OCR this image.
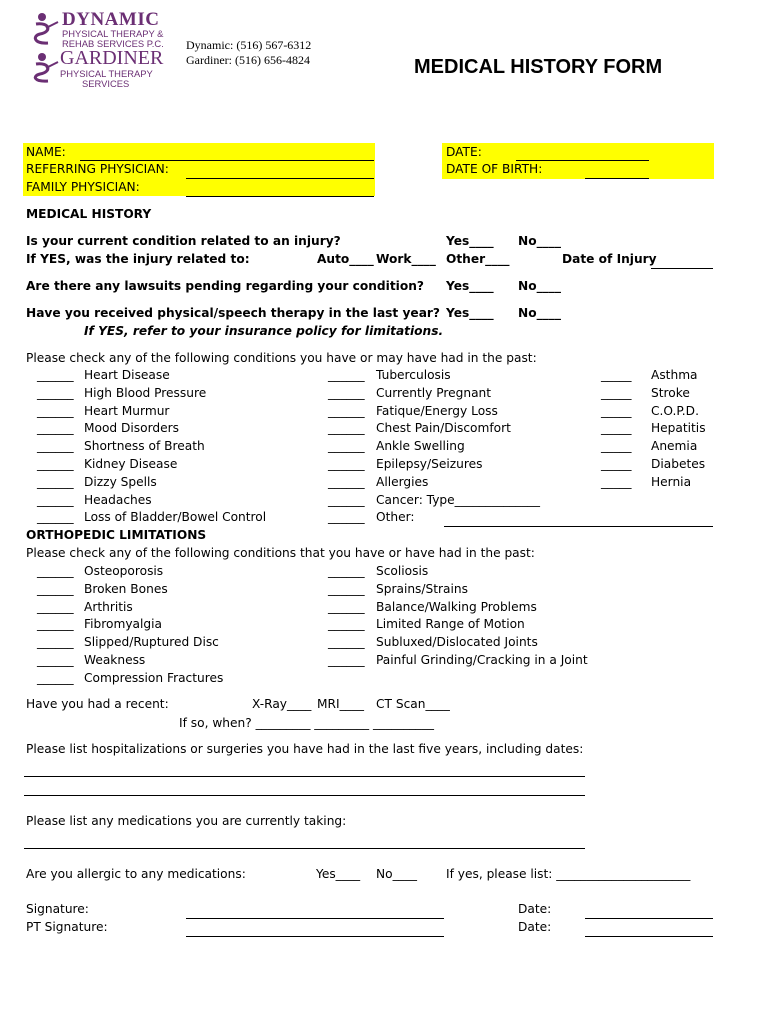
DYNAMIC
PHYSICAL THERAPY &
REHAB SERVICES P.C.
GARDINER
PHYSICAL THERAPY
SERVICES
Dynamic: (516) 567-6312
Gardiner: (516) 656-4824	MEDICAL HISTORY FORM
NAME:
REFERRING PHYSICIAN:
FAMILY PHYSICIAN:
DATE:
DATE OF BIRTH:
MEDICAL HISTORY
Is your current condition related to an injury?	Yes____ No____
If YES, was the injury related to:	Auto____ Work____ Other____	Date of Injury
Are there any lawsuits pending regarding your condition? Yes____ No____
Have you received physical/speech therapy in the last year? Yes____ No____
If YES, refer to your insurance policy for limitations.
Please check any of the following conditions you have or may have had in the past:
______ Heart Disease
______ High Blood Pressure
______ Heart Murmur
______ Mood Disorders
______ Shortness of Breath
______ Kidney Disease
______ Dizzy Spells
______ Headaches
______ Loss of Bladder/Bowel Control
______ Tuberculosis
______ Currently Pregnant
______ Fatique/Energy Loss
______ Chest Pain/Discomfort
______ Ankle Swelling
______ Epilepsy/Seizures
______ Allergies
______ Cancer: Type______________
______ Other:
_____ Asthma
_____ Stroke
_____ C.O.P.D.
_____ Hepatitis
_____ Anemia
_____ Diabetes
_____ Hernia
ORTHOPEDIC LIMITATIONS
Please check any of the following conditions that you have or have had in the past:
______ Osteoporosis
______ Broken Bones
______ Arthritis
______ Fibromyalgia
______ Slipped/Ruptured Disc
______ Weakness
______ Compression Fractures
______ Scoliosis
______ Sprains/Strains
______ Balance/Walking Problems
______ Limited Range of Motion
______ Subluxed/Dislocated Joints
______ Painful Grinding/Cracking in a Joint
Have you had a recent:	X-Ray____ MRI____ CT Scan____
If so, when? _________ _________ __________
Please list hospitalizations or surgeries you have had in the last five years, including dates:
Please list any medications you are currently taking:
Are you allergic to any medications:	Yes____ No____ If yes, please list: ______________________
Signature:
PT Signature:
Date:
Date:
